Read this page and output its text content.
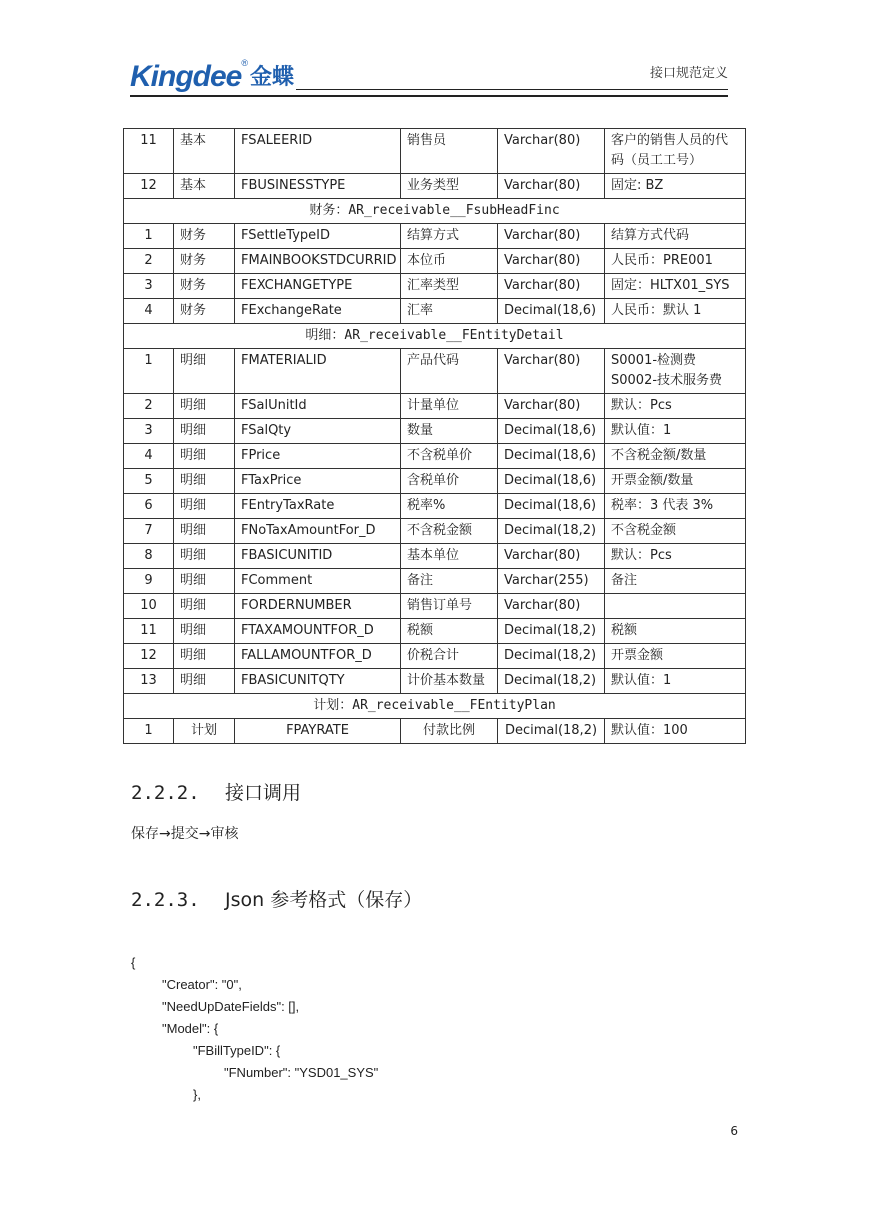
Kingdee ®
金蝶	接口规范定义
11	基本	FSALEERID	销售员	Varchar(80)	客户的销售人员的代码（员工工号）
12	基本	FBUSINESSTYPE	业务类型	Varchar(80)	固定: BZ
财务：AR_receivable__FsubHeadFinc					
1	财务	FSettleTypeID	结算方式	Varchar(80)	结算方式代码
2	财务	FMAINBOOKSTDCURRID	本位币	Varchar(80)	人民币：PRE001
3	财务	FEXCHANGETYPE	汇率类型	Varchar(80)	固定：HLTX01_SYS
4	财务	FExchangeRate	汇率	Decimal(18,6)	人民币：默认 1
明细：AR_receivable__FEntityDetail					
1	明细	FMATERIALID	产品代码	Varchar(80)	S0001-检测费
S0002-技术服务费
2	明细	FSalUnitId	计量单位	Varchar(80)	默认：Pcs
3	明细	FSalQty	数量	Decimal(18,6)	默认值：1
4	明细	FPrice	不含税单价	Decimal(18,6)	不含税金额/数量
5	明细	FTaxPrice	含税单价	Decimal(18,6)	开票金额/数量
6	明细	FEntryTaxRate	税率%	Decimal(18,6)	税率：3 代表 3%
7	明细	FNoTaxAmountFor_D	不含税金额	Decimal(18,2)	不含税金额
8	明细	FBASICUNITID	基本单位	Varchar(80)	默认：Pcs
9	明细	FComment	备注	Varchar(255)	备注
10	明细	FORDERNUMBER	销售订单号	Varchar(80)	
11	明细	FTAXAMOUNTFOR_D	税额	Decimal(18,2)	税额
12	明细	FALLAMOUNTFOR_D	价税合计	Decimal(18,2)	开票金额
13	明细	FBASICUNITQTY	计价基本数量	Decimal(18,2)	默认值：1
计划：AR_receivable__FEntityPlan					
1	计划	FPAYRATE	付款比例	Decimal(18,2)	默认值：100
2.2.2. 接口调用
保存→提交→审核
2.2.3. Json 参考格式（保存）
{
"Creator": "0",
"NeedUpDateFields": [],
"Model": {
"FBillTypeID": {
"FNumber": "YSD01_SYS"
},
6
